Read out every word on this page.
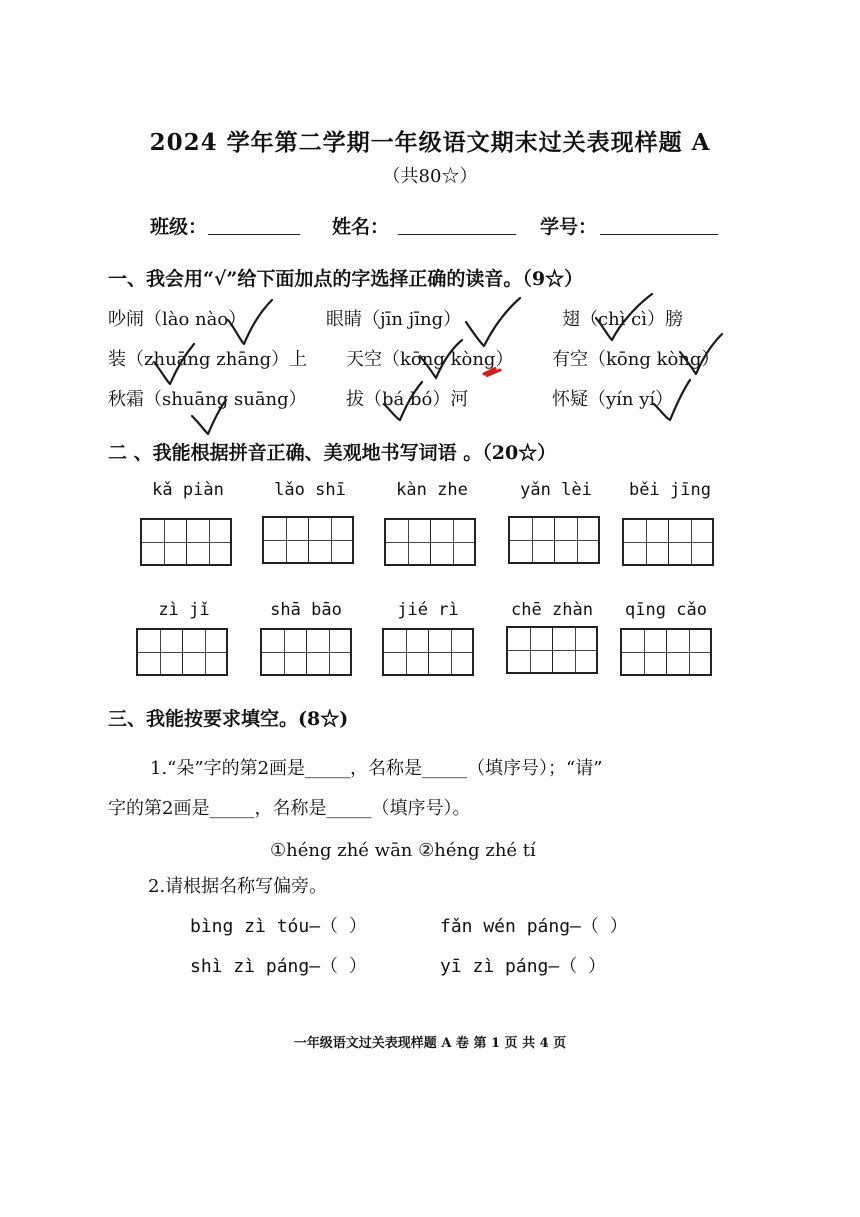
2024 学年第二学期一年级语文期末过关表现样题 A
（共80☆）
班级：	姓名：	学号：
一、我会用“√”给下面加点的字选择正确的读音。（9☆）
吵闹（lào nào）	眼睛（jīn jīng）	翅（chì cì）膀
装（zhuāng zhāng）上 天空（kōng kòng） 有空（kōng kòng）
秋霜（shuāng suāng） 拔（bá bó）河	怀疑（yín yí）
二 、我能根据拼音正确、美观地书写词语 。（20☆）
kǎ piàn	lǎo shī	kàn zhe	yǎn lèi	běi jīng
zì jǐ	shā bāo	jié rì	chē zhàn	qīng cǎo
三、我能按要求填空。(8☆)
1.“朵”字的第2画是_____，名称是_____（填序号）；“请”
字的第2画是_____，名称是_____（填序号）。
①héng zhé wān ②héng zhé tí
2.请根据名称写偏旁。
bìng zì tóu—（ ）	fǎn wén páng—（ ）
shì zì páng—（ ）	yī zì páng—（ ）
一年级语文过关表现样题 A 卷 第 1 页 共 4 页
